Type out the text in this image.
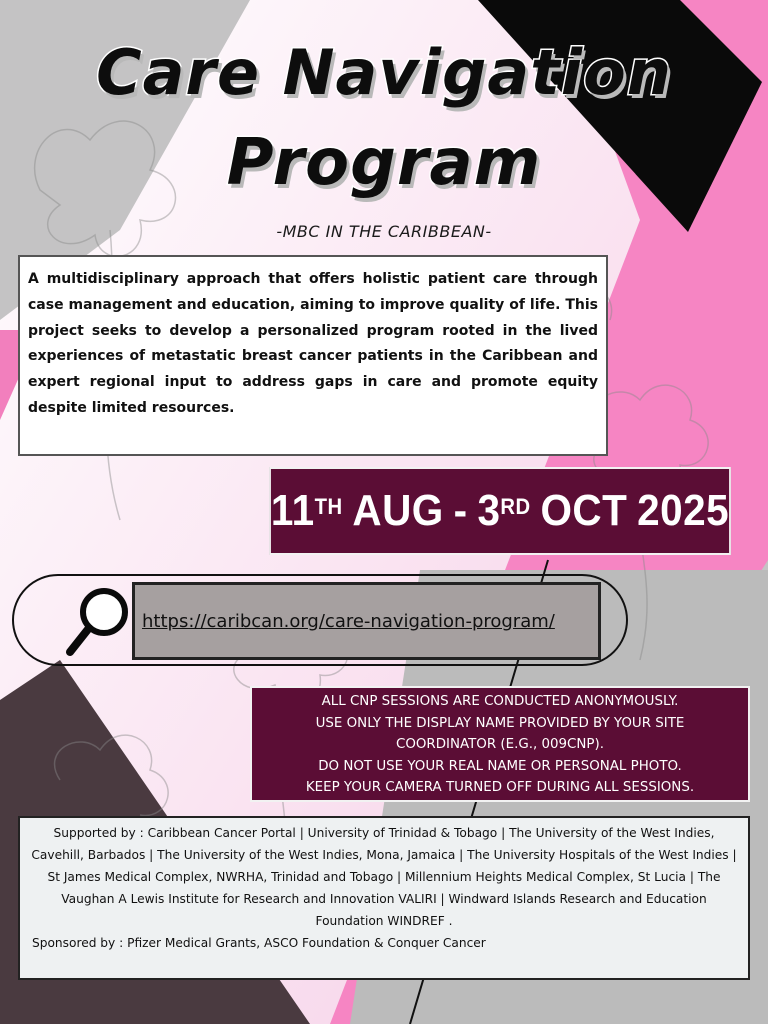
Care Navigation
Program
-MBC IN THE CARIBBEAN-
A multidisciplinary approach that offers holistic patient care through case management and education, aiming to improve quality of life. This project seeks to develop a personalized program rooted in the lived experiences of metastatic breast cancer patients in the Caribbean and expert regional input to address gaps in care and promote equity despite limited resources.
11TH AUG - 3RD OCT 2025
https://caribcan.org/care-navigation-program/
ALL CNP SESSIONS ARE CONDUCTED ANONYMOUSLY.
USE ONLY THE DISPLAY NAME PROVIDED BY YOUR SITE
COORDINATOR (E.G., 009CNP).
DO NOT USE YOUR REAL NAME OR PERSONAL PHOTO.
KEEP YOUR CAMERA TURNED OFF DURING ALL SESSIONS.
Supported by : Caribbean Cancer Portal | University of Trinidad & Tobago | The University of the West Indies, Cavehill, Barbados | The University of the West Indies, Mona, Jamaica | The University Hospitals of the West Indies | St James Medical Complex, NWRHA, Trinidad and Tobago | Millennium Heights Medical Complex, St Lucia | The Vaughan A Lewis Institute for Research and Innovation VALIRI | Windward Islands Research and Education Foundation WINDREF .
Sponsored by : Pfizer Medical Grants, ASCO Foundation & Conquer Cancer
